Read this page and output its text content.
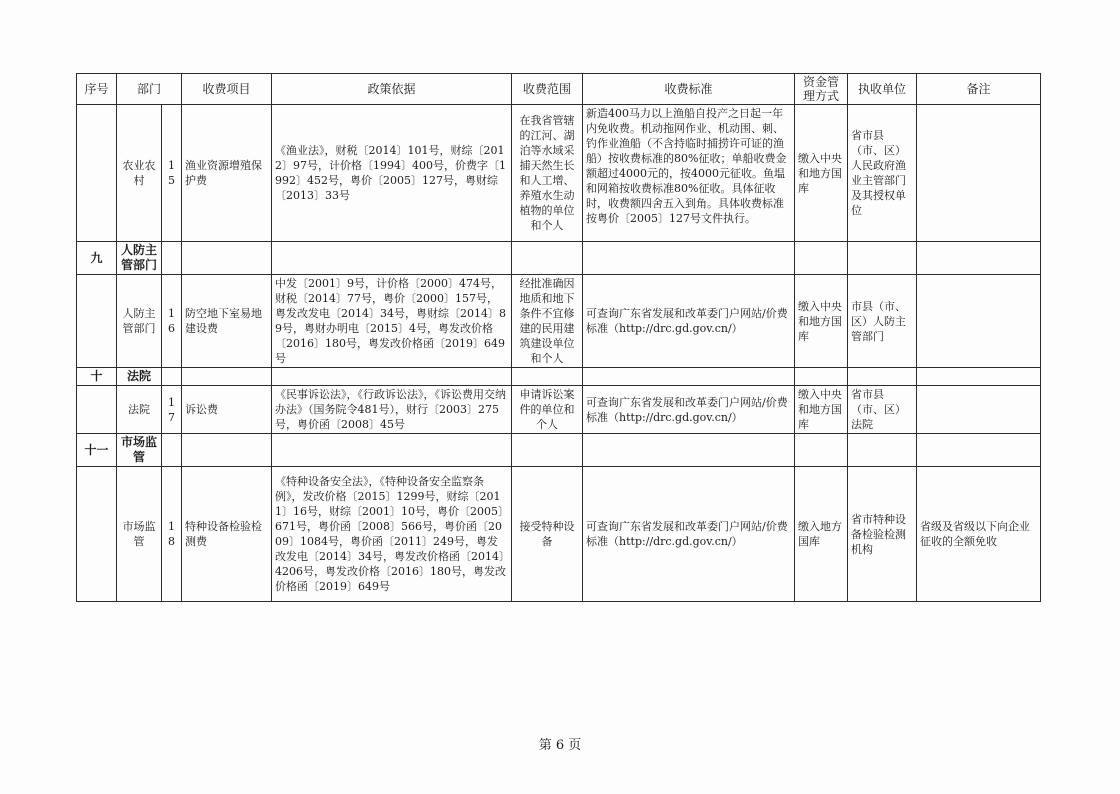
序号	部门		收费项目	政策依据	收费范围	收费标准	资金管理方式	执收单位	备注
	农业农村	15	渔业资源增殖保护费	《渔业法》，财税〔2014〕101号，财综〔2012〕97号，计价格〔1994〕400号，价费字〔1992〕452号，粤价〔2005〕127号，粤财综〔2013〕33号	在我省管辖的江河、湖泊等水域采捕天然生长和人工增、养殖水生动植物的单位和个人	新造400马力以上渔船自投产之日起一年内免收费。机动拖网作业、机动围、刺、钓作业渔船（不含持临时捕捞许可证的渔船）按收费标准的80%征收；单船收费金额超过4000元的，按4000元征收。鱼塭和网箱按收费标准80%征收。具体征收时，收费额四舍五入到角。具体收费标准按粤价〔2005〕127号文件执行。	缴入中央和地方国库	省市县（市、区）人民政府渔业主管部门及其授权单位	
九	人防主管部门								
	人防主管部门	16	防空地下室易地建设费	中发〔2001〕9号，计价格〔2000〕474号，财税〔2014〕77号，粤价〔2000〕157号，粤发改发电〔2014〕34号，粤财综〔2014〕89号，粤财办明电〔2015〕4号，粤发改价格〔2016〕180号，粤发改价格函〔2019〕649号	经批准确因地质和地下条件不宜修建的民用建筑建设单位和个人	可查询广东省发展和改革委门户网站/价费标准（http://drc.gd.gov.cn/）	缴入中央和地方国库	市县（市、区）人防主管部门	
十	法院								
	法院	17	诉讼费	《民事诉讼法》，《行政诉讼法》，《诉讼费用交纳办法》（国务院令481号），财行〔2003〕275号，粤价函〔2008〕45号	申请诉讼案件的单位和个人	可查询广东省发展和改革委门户网站/价费标准（http://drc.gd.gov.cn/）	缴入中央和地方国库	省市县（市、区）法院	
十一	市场监管								
	市场监管	18	特种设备检验检测费	《特种设备安全法》，《特种设备安全监察条例》，发改价格〔2015〕1299号，财综〔2011〕16号，财综〔2001〕10号，粤价〔2005〕671号，粤价函〔2008〕566号，粤价函〔2009〕1084号，粤价函〔2011〕249号，粤发改发电〔2014〕34号，粤发改价格函〔2014〕4206号，粤发改价格〔2016〕180号，粤发改价格函〔2019〕649号	接受特种设备	可查询广东省发展和改革委门户网站/价费标准（http://drc.gd.gov.cn/）	缴入地方国库	省市特种设备检验检测机构	省级及省级以下向企业征收的全额免收
第 6 页
